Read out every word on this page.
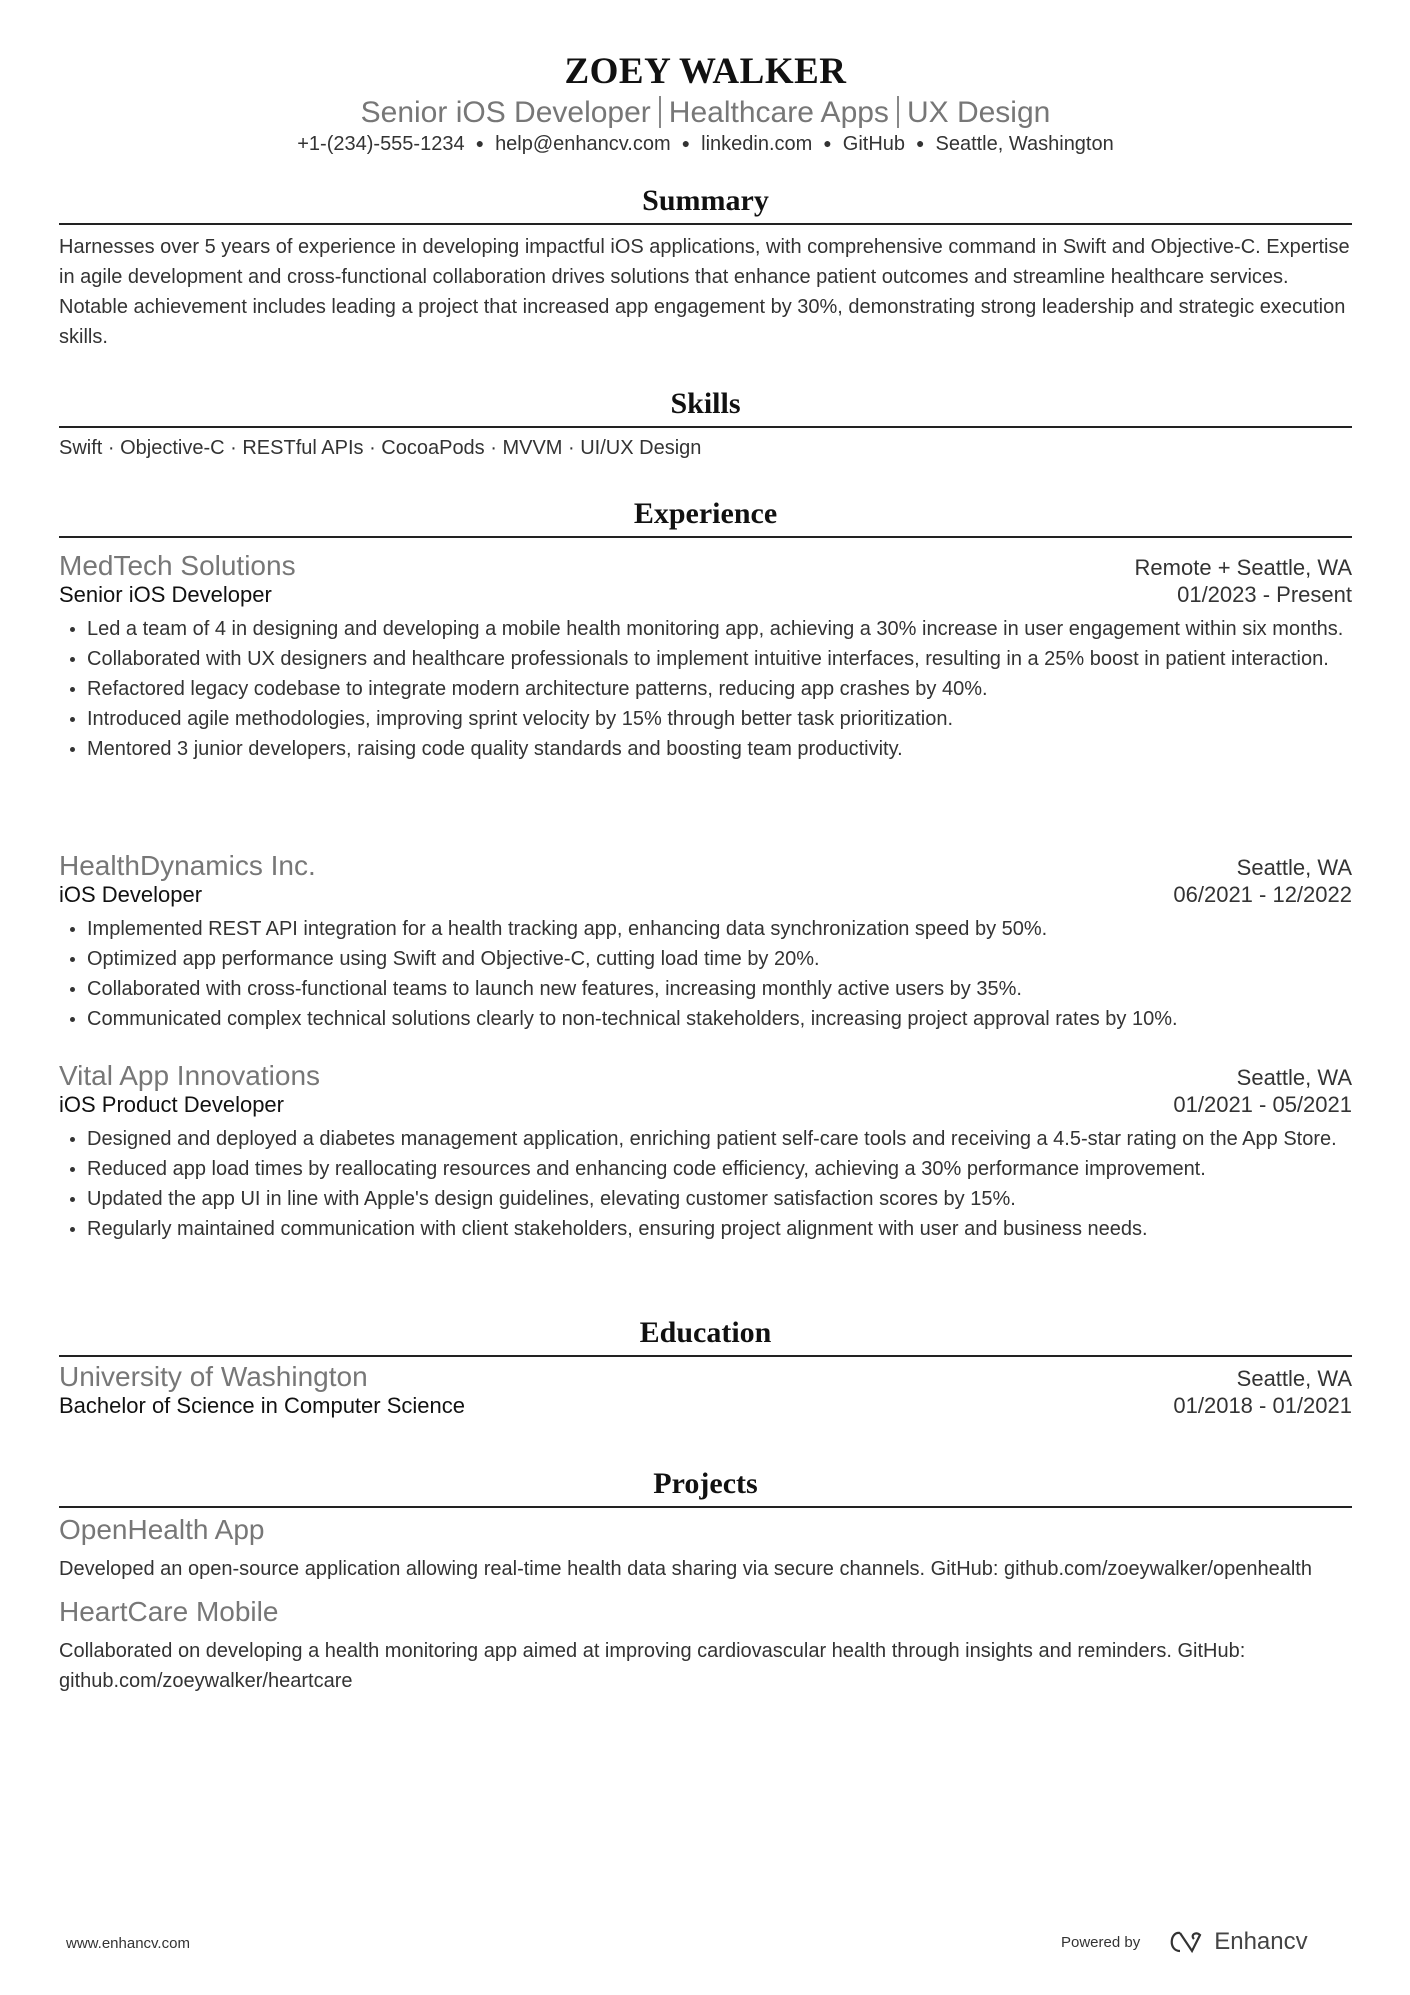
ZOEY WALKER
Senior iOS Developer Healthcare Apps UX Design
+1-(234)-555-1234 ● help@enhancv.com ● linkedin.com ● GitHub ● Seattle, Washington
Summary

Harnesses over 5 years of experience in developing impactful iOS applications, with comprehensive command in Swift and Objective-C. Expertise in agile development and cross-functional collaboration drives solutions that enhance patient outcomes and streamline healthcare services. Notable achievement includes leading a project that increased app engagement by 30%, demonstrating strong leadership and strategic execution skills.

Skills

Swift · Objective-C · RESTful APIs · CocoaPods · MVVM · UI/UX Design

Experience
MedTech Solutions	Remote + Seattle, WA
Senior iOS Developer	01/2023 - Present
Led a team of 4 in designing and developing a mobile health monitoring app, achieving a 30% increase in user engagement within six months.
Collaborated with UX designers and healthcare professionals to implement intuitive interfaces, resulting in a 25% boost in patient interaction.
Refactored legacy codebase to integrate modern architecture patterns, reducing app crashes by 40%.
Introduced agile methodologies, improving sprint velocity by 15% through better task prioritization.
Mentored 3 junior developers, raising code quality standards and boosting team productivity.
HealthDynamics Inc.	Seattle, WA
iOS Developer	06/2021 - 12/2022
Implemented REST API integration for a health tracking app, enhancing data synchronization speed by 50%.
Optimized app performance using Swift and Objective-C, cutting load time by 20%.
Collaborated with cross-functional teams to launch new features, increasing monthly active users by 35%.
Communicated complex technical solutions clearly to non-technical stakeholders, increasing project approval rates by 10%.
Vital App Innovations	Seattle, WA
iOS Product Developer	01/2021 - 05/2021
Designed and deployed a diabetes management application, enriching patient self-care tools and receiving a 4.5-star rating on the App Store.
Reduced app load times by reallocating resources and enhancing code efficiency, achieving a 30% performance improvement.
Updated the app UI in line with Apple's design guidelines, elevating customer satisfaction scores by 15%.
Regularly maintained communication with client stakeholders, ensuring project alignment with user and business needs.
Education
University of Washington	Seattle, WA
Bachelor of Science in Computer Science	01/2018 - 01/2021
Projects
OpenHealth App

Developed an open-source application allowing real-time health data sharing via secure channels. GitHub: github.com/zoeywalker/openhealth

HeartCare Mobile

Collaborated on developing a health monitoring app aimed at improving cardiovascular health through insights and reminders. GitHub: github.com/zoeywalker/heartcare

www.enhancv.com	Powered by	Enhancv
